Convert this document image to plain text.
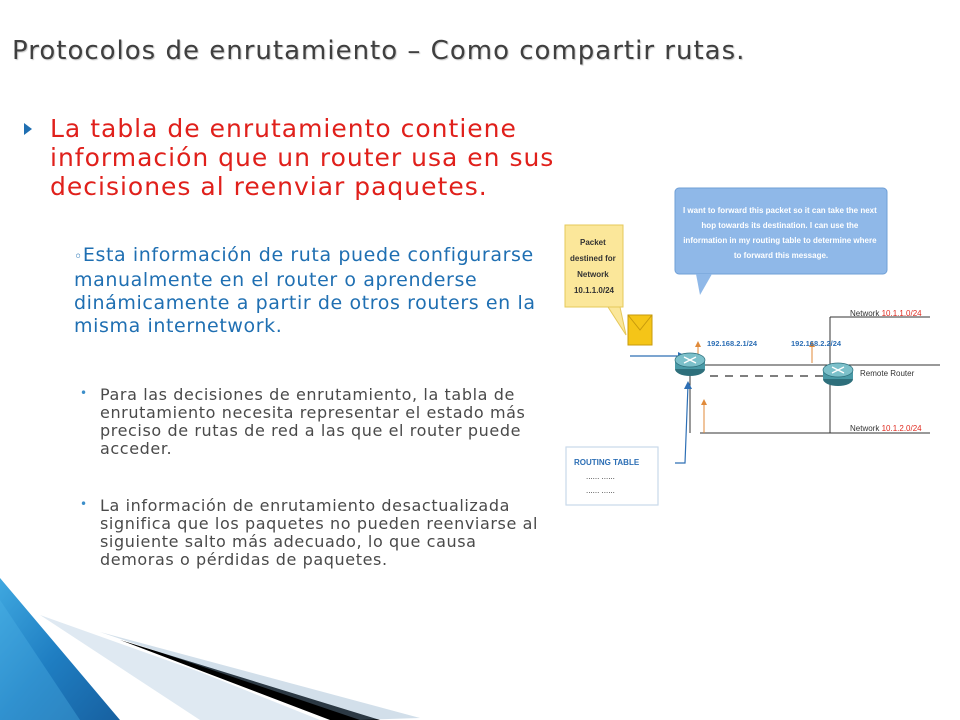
Protocolos de enrutamiento – Como compartir rutas.

La tabla de enrutamiento contiene información que un router usa en sus decisiones al reenviar paquetes.

◦Esta información de ruta puede configurarse manualmente en el router o aprenderse dinámicamente a partir de otros routers en la misma internetwork.

• Para las decisiones de enrutamiento, la tabla de enrutamiento necesita representar el estado más preciso de rutas de red a las que el router puede acceder.

• La información de enrutamiento desactualizada significa que los paquetes no pueden reenviarse al siguiente salto más adecuado, lo que causa demoras o pérdidas de paquetes.

I want to forward this packet so it can take the next hop towards its destination. I can use the information in my routing table to determine where to forward this message.
Packet destined for Network 10.1.1.0/24
192.168.2.1/24	192.168.2.2/24
Remote Router
Network 10.1.1.0/24
Network 10.1.2.0/24
ROUTING TABLE
...... ......
...... ......
